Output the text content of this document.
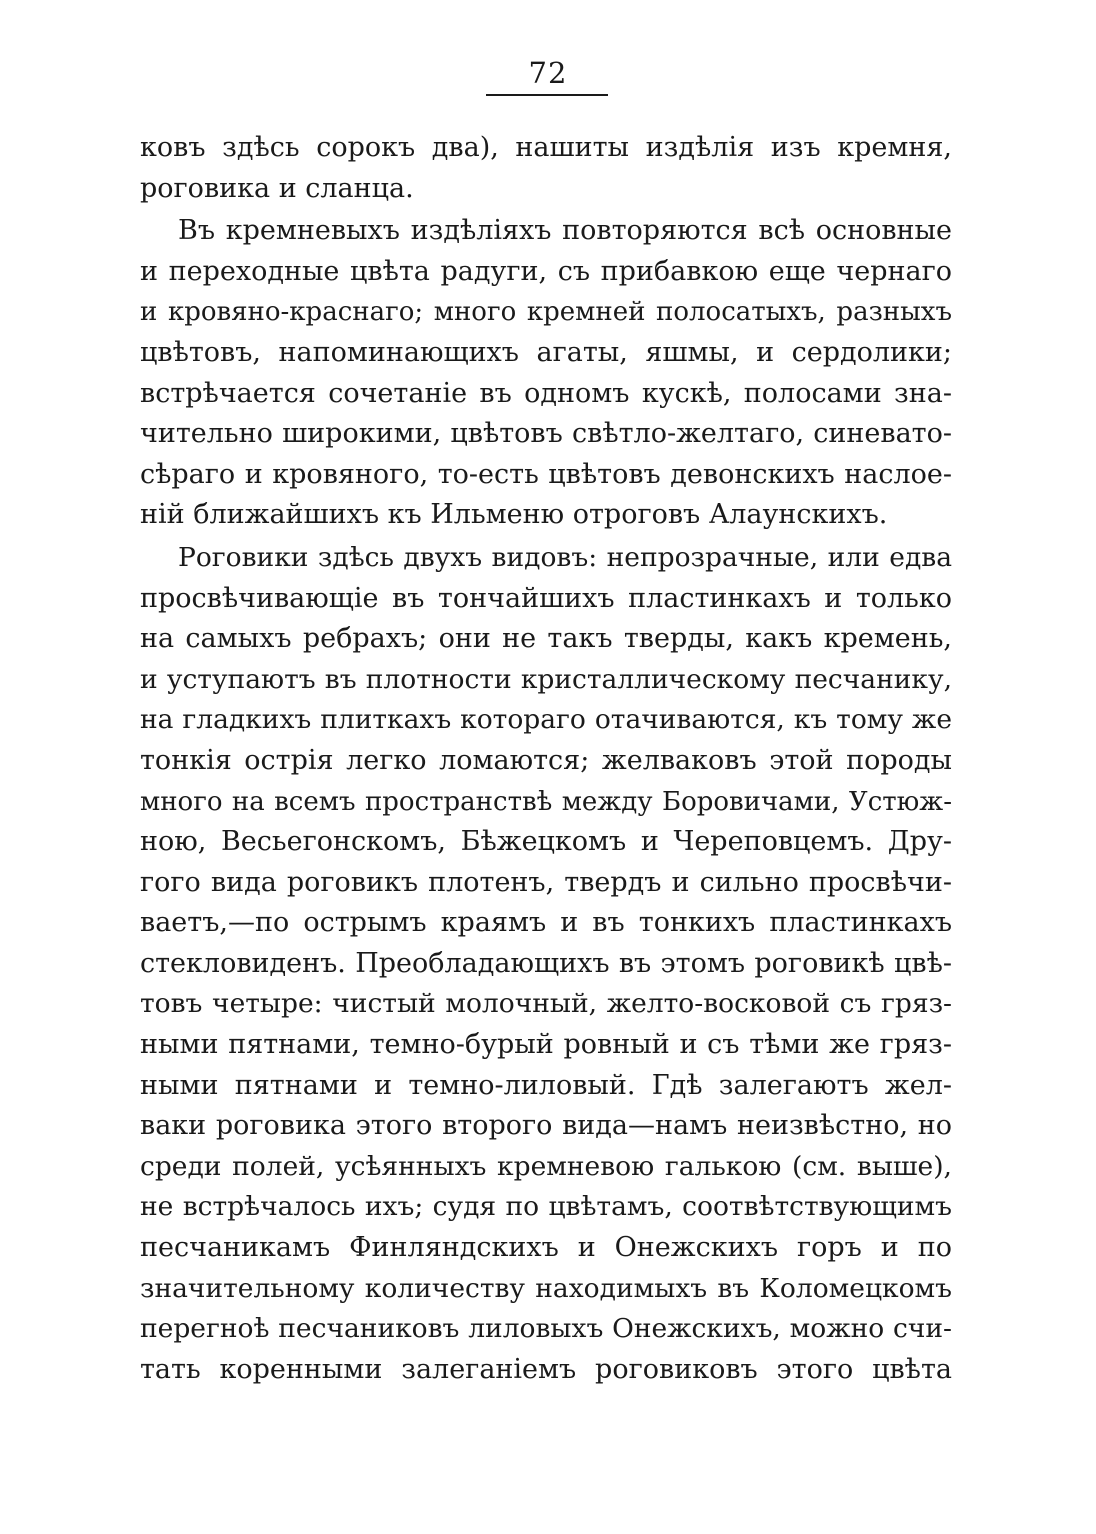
72
ковъ здѣсь сорокъ два), нашиты издѣлія изъ кремня,
роговика и сланца.
Въ кремневыхъ издѣліяхъ повторяются всѣ основные
и переходные цвѣта радуги, съ прибавкою еще чернаго
и кровяно-краснаго; много кремней полосатыхъ, разныхъ
цвѣтовъ, напоминающихъ агаты, яшмы, и сердолики;
встрѣчается сочетаніе въ одномъ кускѣ, полосами зна-
чительно широкими, цвѣтовъ свѣтло-желтаго, синевато-
сѣраго и кровяного, то-есть цвѣтовъ девонскихъ наслое-
ній ближайшихъ къ Ильменю отроговъ Алаунскихъ.
Роговики здѣсь двухъ видовъ: непрозрачные, или едва
просвѣчивающіе въ тончайшихъ пластинкахъ и только
на самыхъ ребрахъ; они не такъ тверды, какъ кремень,
и уступаютъ въ плотности кристаллическому песчанику,
на гладкихъ плиткахъ котораго отачиваются, къ тому же
тонкія острія легко ломаются; желваковъ этой породы
много на всемъ пространствѣ между Боровичами, Устюж-
ною, Весьегонскомъ, Бѣжецкомъ и Череповцемъ. Дру-
гого вида роговикъ плотенъ, твердъ и сильно просвѣчи-
ваетъ,—по острымъ краямъ и въ тонкихъ пластинкахъ
стекловиденъ. Преобладающихъ въ этомъ роговикѣ цвѣ-
товъ четыре: чистый молочный, желто-восковой съ гряз-
ными пятнами, темно-бурый ровный и съ тѣми же гряз-
ными пятнами и темно-лиловый. Гдѣ залегаютъ жел-
ваки роговика этого второго вида—намъ неизвѣстно, но
среди полей, усѣянныхъ кремневою галькою (см. выше),
не встрѣчалось ихъ; судя по цвѣтамъ, соотвѣтствующимъ
песчаникамъ Финляндскихъ и Онежскихъ горъ и по
значительному количеству находимыхъ въ Коломецкомъ
перегноѣ песчаниковъ лиловыхъ Онежскихъ, можно счи-
тать коренными залеганіемъ роговиковъ этого цвѣта
